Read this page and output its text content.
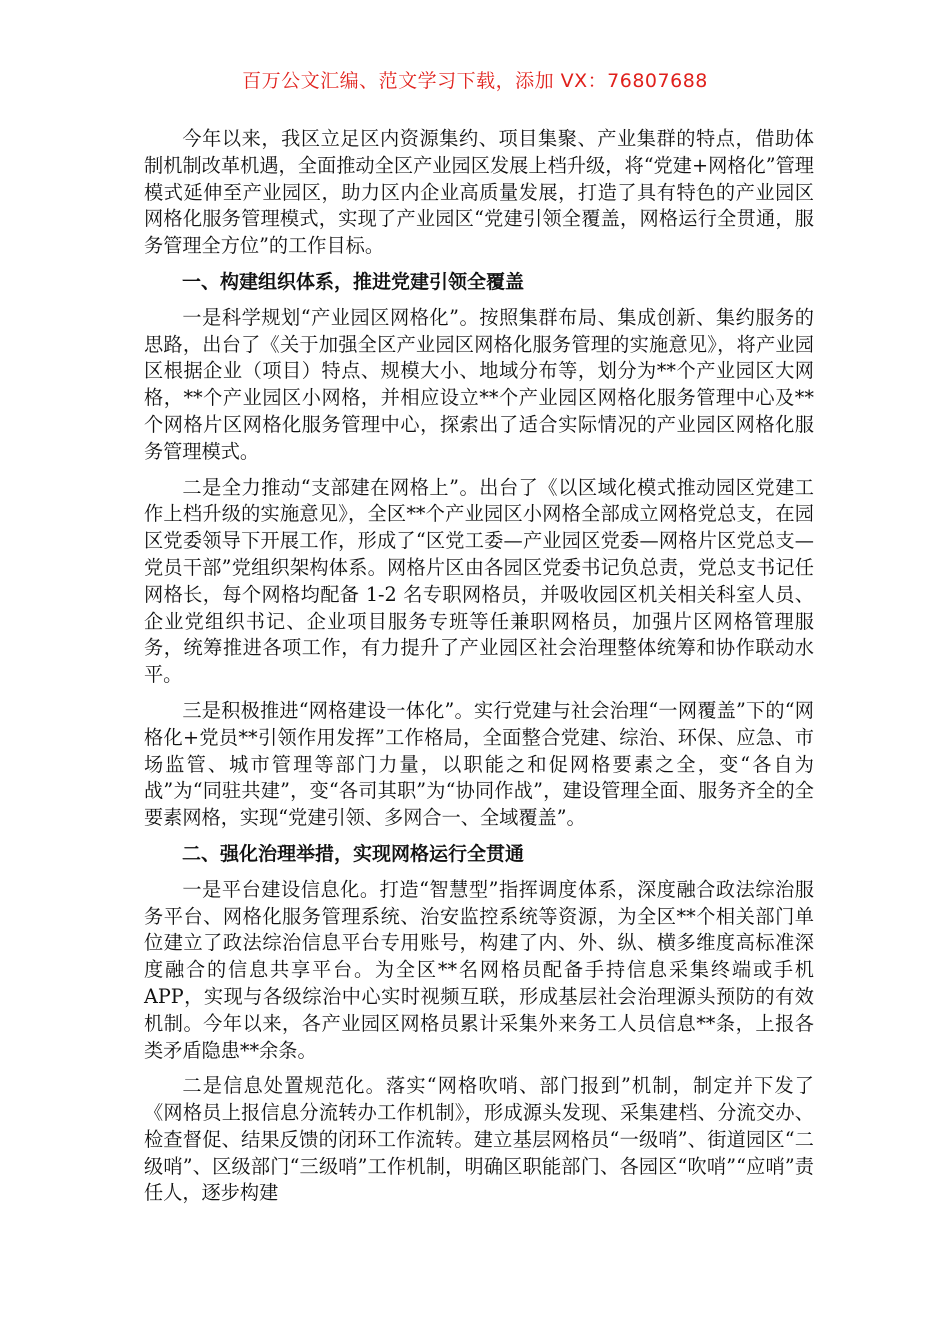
百万公文汇编、范文学习下载，添加 VX：76807688

今年以来，我区立足区内资源集约、项目集聚、产业集群的特点，借助体制机制改革机遇，全面推动全区产业园区发展上档升级，将“党建+网格化”管理模式延伸至产业园区，助力区内企业高质量发展，打造了具有特色的产业园区网格化服务管理模式，实现了产业园区“党建引领全覆盖，网格运行全贯通，服务管理全方位”的工作目标。

一、构建组织体系，推进党建引领全覆盖

一是科学规划“产业园区网格化”。按照集群布局、集成创新、集约服务的思路，出台了《关于加强全区产业园区网格化服务管理的实施意见》，将产业园区根据企业（项目）特点、规模大小、地域分布等，划分为**个产业园区大网格，**个产业园区小网格，并相应设立**个产业园区网格化服务管理中心及**个网格片区网格化服务管理中心，探索出了适合实际情况的产业园区网格化服务管理模式。

二是全力推动“支部建在网格上”。出台了《以区域化模式推动园区党建工作上档升级的实施意见》，全区**个产业园区小网格全部成立网格党总支，在园区党委领导下开展工作，形成了“区党工委—产业园区党委—网格片区党总支—党员干部”党组织架构体系。网格片区由各园区党委书记负总责，党总支书记任网格长，每个网格均配备 1-2 名专职网格员，并吸收园区机关相关科室人员、企业党组织书记、企业项目服务专班等任兼职网格员，加强片区网格管理服务，统筹推进各项工作，有力提升了产业园区社会治理整体统筹和协作联动水平。

三是积极推进“网格建设一体化”。实行党建与社会治理“一网覆盖”下的“网格化+党员**引领作用发挥”工作格局，全面整合党建、综治、环保、应急、市场监管、城市管理等部门力量，以职能之和促网格要素之全，变“各自为战”为“同驻共建”，变“各司其职”为“协同作战”，建设管理全面、服务齐全的全要素网格，实现“党建引领、多网合一、全域覆盖”。

二、强化治理举措，实现网格运行全贯通

一是平台建设信息化。打造“智慧型”指挥调度体系，深度融合政法综治服务平台、网格化服务管理系统、治安监控系统等资源，为全区**个相关部门单位建立了政法综治信息平台专用账号，构建了内、外、纵、横多维度高标准深度融合的信息共享平台。为全区**名网格员配备手持信息采集终端或手机 APP，实现与各级综治中心实时视频互联，形成基层社会治理源头预防的有效机制。今年以来，各产业园区网格员累计采集外来务工人员信息**条，上报各类矛盾隐患**余条。

二是信息处置规范化。落实“网格吹哨、部门报到”机制，制定并下发了《网格员上报信息分流转办工作机制》，形成源头发现、采集建档、分流交办、检查督促、结果反馈的闭环工作流转。建立基层网格员“一级哨”、街道园区“二级哨”、区级部门“三级哨”工作机制，明确区职能部门、各园区“吹哨”“应哨”责任人，逐步构建
